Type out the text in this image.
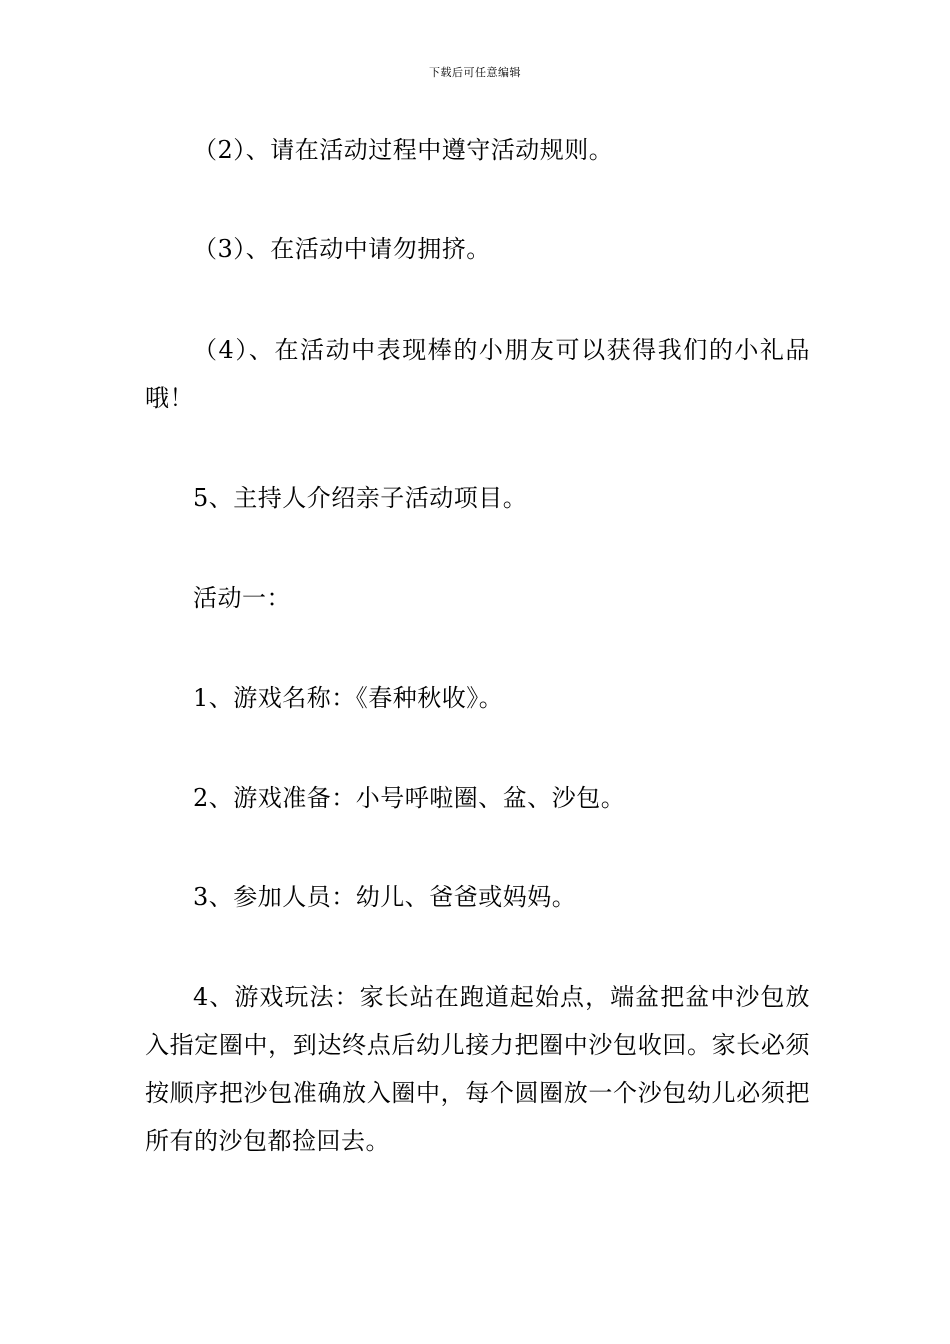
下载后可任意编辑

（2）、请在活动过程中遵守活动规则。

（3）、在活动中请勿拥挤。

（4）、在活动中表现棒的小朋友可以获得我们的小礼品哦！

5、主持人介绍亲子活动项目。

活动一：

1、游戏名称：《春种秋收》。

2、游戏准备：小号呼啦圈、盆、沙包。

3、参加人员：幼儿、爸爸或妈妈。

4、游戏玩法：家长站在跑道起始点，端盆把盆中沙包放入指定圈中，到达终点后幼儿接力把圈中沙包收回。家长必须按顺序把沙包准确放入圈中，每个圆圈放一个沙包幼儿必须把所有的沙包都捡回去。
